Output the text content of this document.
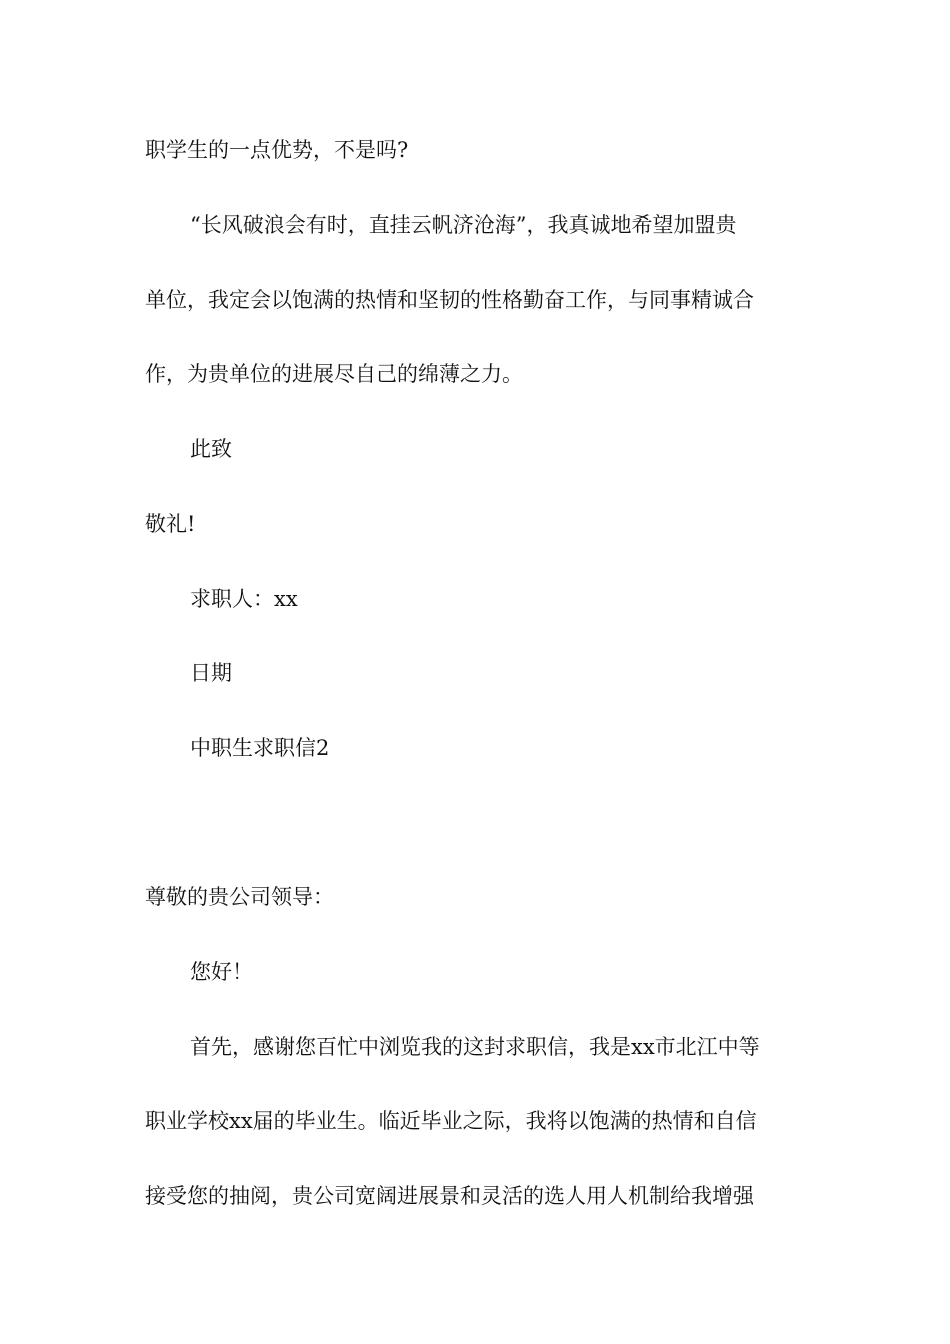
职学生的一点优势，不是吗?
“长风破浪会有时，直挂云帆济沧海”，我真诚地希望加盟贵
单位，我定会以饱满的热情和坚韧的性格勤奋工作，与同事精诚合
作，为贵单位的进展尽自己的绵薄之力。
此致
敬礼!
求职人：xx
日期
中职生求职信2
尊敬的贵公司领导：
您好！
首先，感谢您百忙中浏览我的这封求职信，我是xx市北江中等
职业学校xx届的毕业生。临近毕业之际，我将以饱满的热情和自信
接受您的抽阅，贵公司宽阔进展景和灵活的选人用人机制给我增强
